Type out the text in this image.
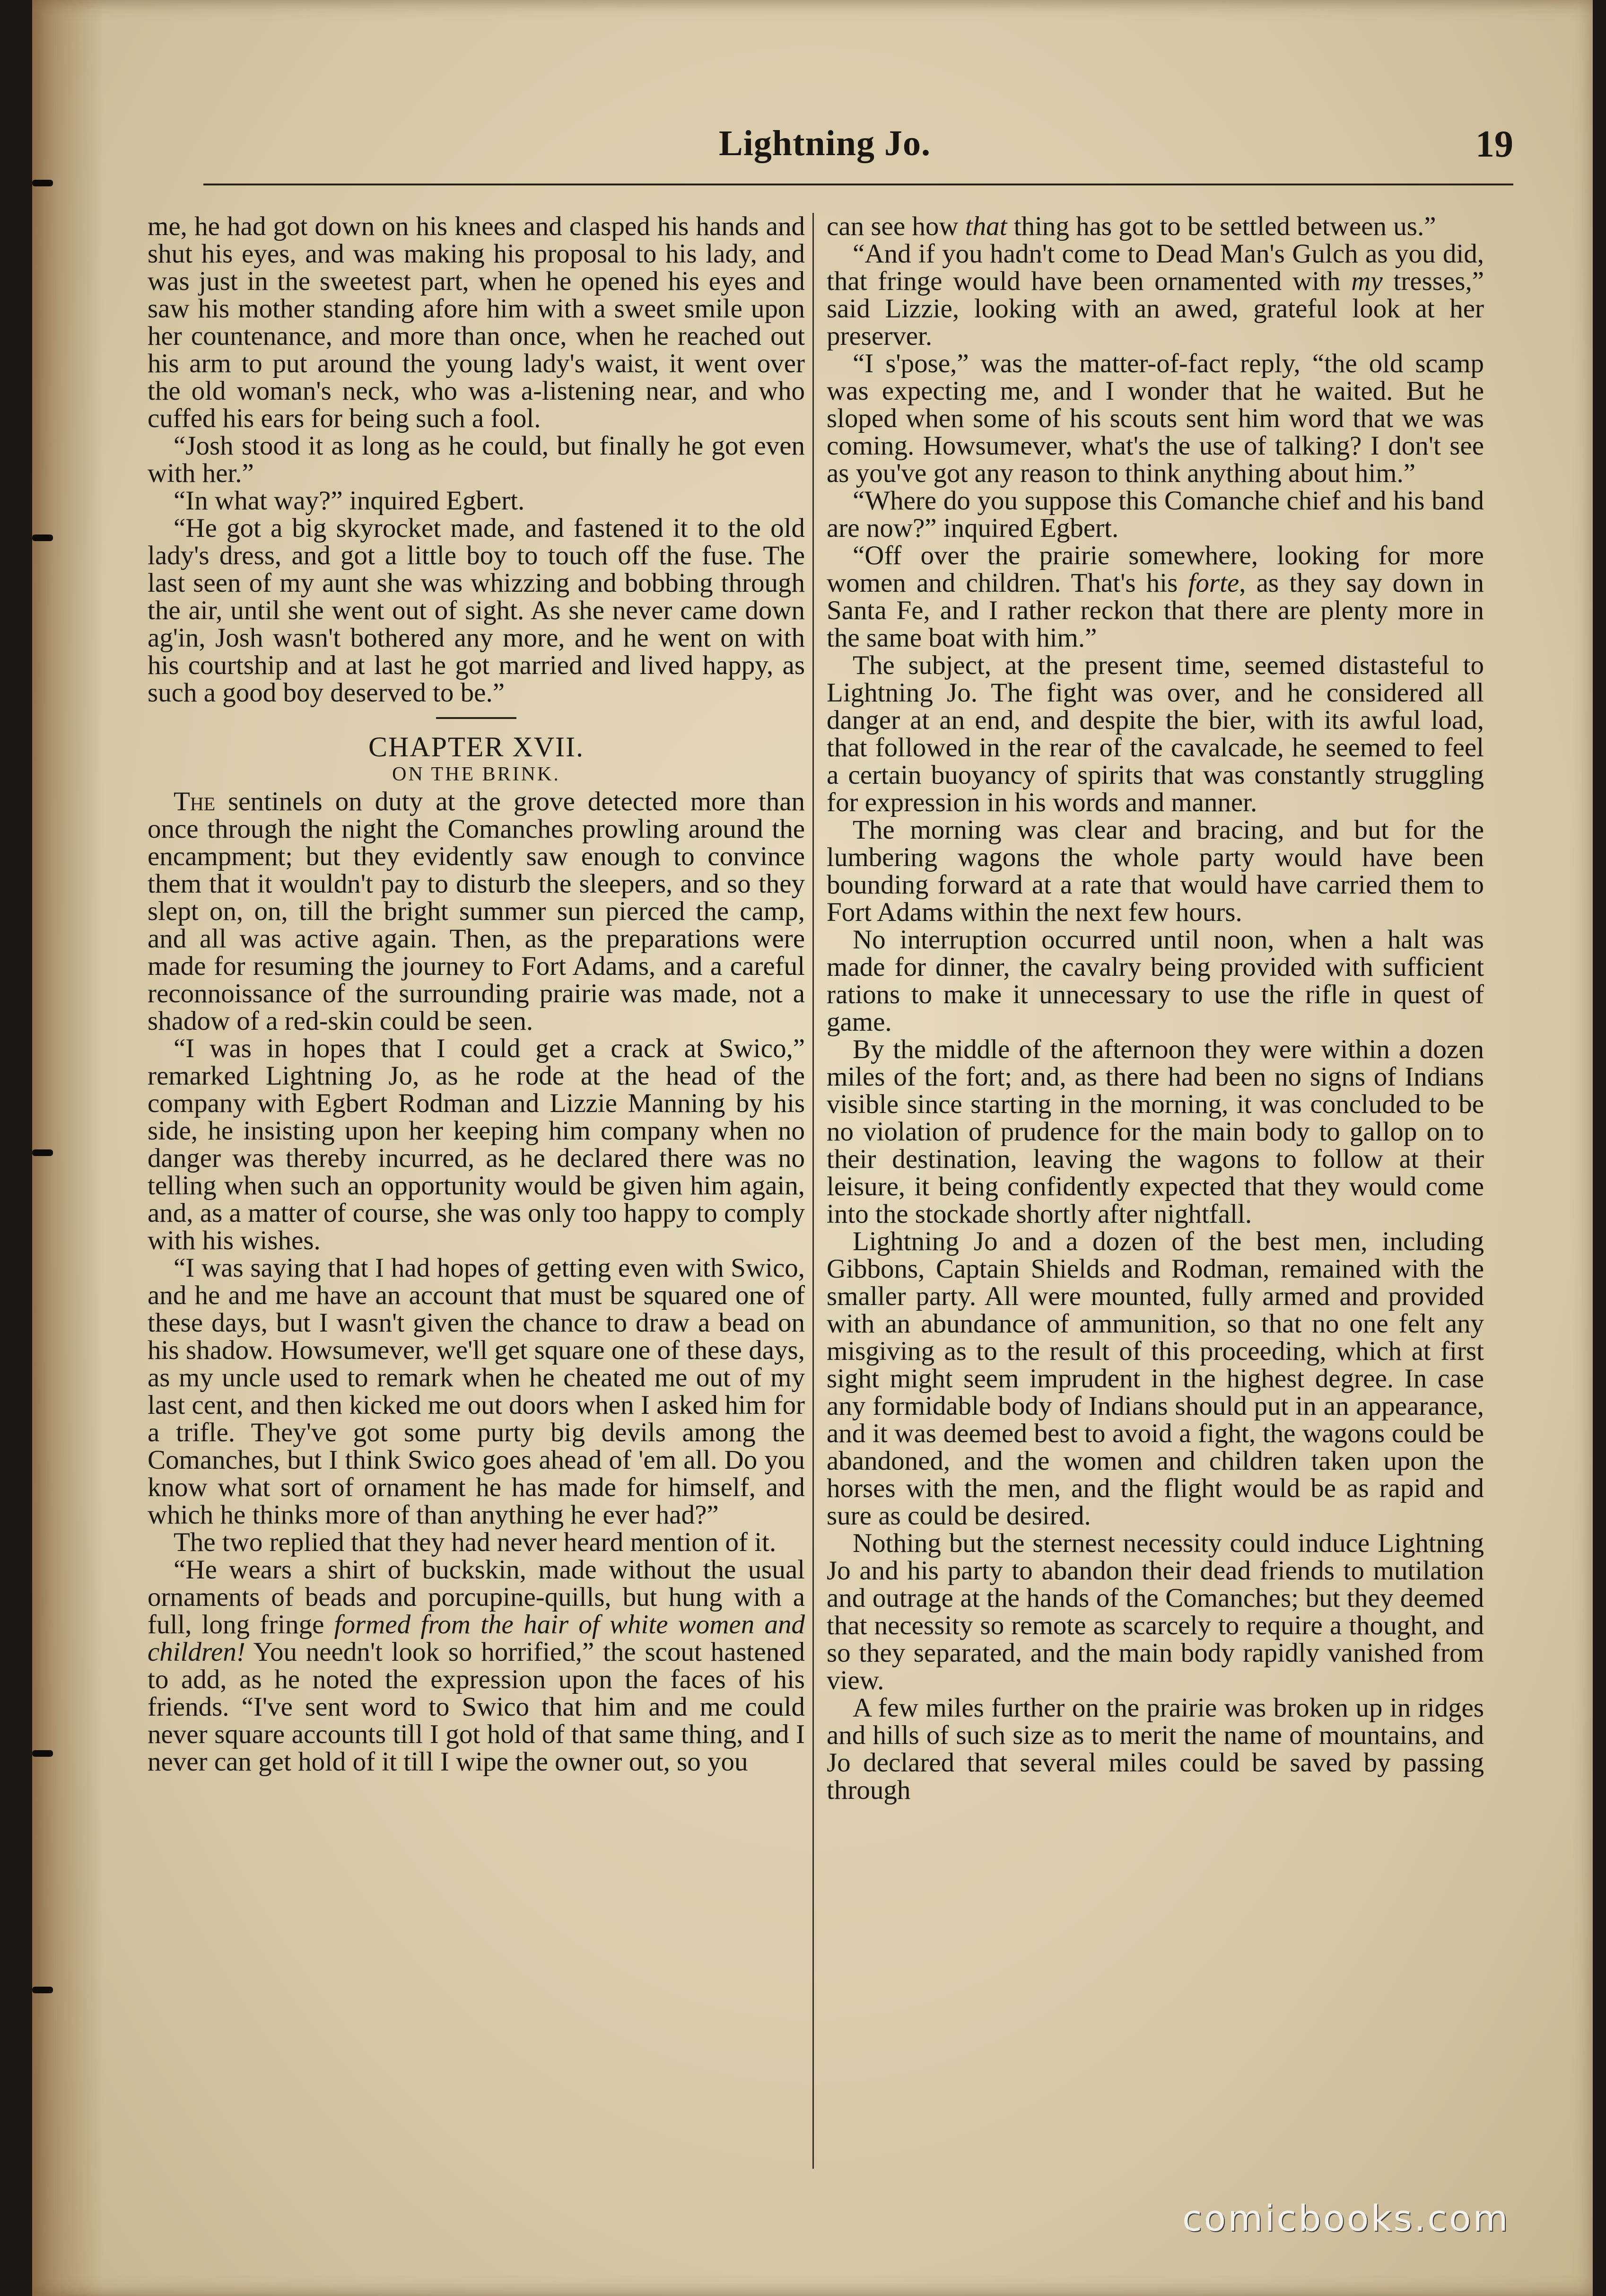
Lightning Jo.	19

me, he had got down on his knees and clasped his hands and shut his eyes, and was making his proposal to his lady, and was just in the sweetest part, when he opened his eyes and saw his mother standing afore him with a sweet smile upon her countenance, and more than once, when he reached out his arm to put around the young lady's waist, it went over the old woman's neck, who was a-listening near, and who cuffed his ears for being such a fool.

“Josh stood it as long as he could, but finally he got even with her.”

“In what way?” inquired Egbert.

“He got a big skyrocket made, and fastened it to the old lady's dress, and got a little boy to touch off the fuse. The last seen of my aunt she was whizzing and bobbing through the air, until she went out of sight. As she never came down ag'in, Josh wasn't bothered any more, and he went on with his courtship and at last he got married and lived happy, as such a good boy deserved to be.”

CHAPTER XVII.

ON THE BRINK.

The sentinels on duty at the grove detected more than once through the night the Comanches prowling around the encampment; but they evidently saw enough to convince them that it wouldn't pay to disturb the sleepers, and so they slept on, on, till the bright summer sun pierced the camp, and all was active again. Then, as the preparations were made for resuming the journey to Fort Adams, and a careful reconnoissance of the surrounding prairie was made, not a shadow of a red-skin could be seen.

“I was in hopes that I could get a crack at Swico,” remarked Lightning Jo, as he rode at the head of the company with Egbert Rodman and Lizzie Manning by his side, he insisting upon her keeping him company when no danger was thereby incurred, as he declared there was no telling when such an opportunity would be given him again, and, as a matter of course, she was only too happy to comply with his wishes.

“I was saying that I had hopes of getting even with Swico, and he and me have an account that must be squared one of these days, but I wasn't given the chance to draw a bead on his shadow. Howsumever, we'll get square one of these days, as my uncle used to remark when he cheated me out of my last cent, and then kicked me out doors when I asked him for a trifle. They've got some purty big devils among the Comanches, but I think Swico goes ahead of 'em all. Do you know what sort of ornament he has made for himself, and which he thinks more of than anything he ever had?”

The two replied that they had never heard mention of it.

“He wears a shirt of buckskin, made without the usual ornaments of beads and porcupine-quills, but hung with a full, long fringe formed from the hair of white women and children! You needn't look so horrified,” the scout hastened to add, as he noted the expression upon the faces of his friends. “I've sent word to Swico that him and me could never square accounts till I got hold of that same thing, and I never can get hold of it till I wipe the owner out, so you

can see how that thing has got to be settled between us.”

“And if you hadn't come to Dead Man's Gulch as you did, that fringe would have been ornamented with my tresses,” said Lizzie, looking with an awed, grateful look at her preserver.

“I s'pose,” was the matter-of-fact reply, “the old scamp was expecting me, and I wonder that he waited. But he sloped when some of his scouts sent him word that we was coming. Howsumever, what's the use of talking? I don't see as you've got any reason to think anything about him.”

“Where do you suppose this Comanche chief and his band are now?” inquired Egbert.

“Off over the prairie somewhere, looking for more women and children. That's his forte, as they say down in Santa Fe, and I rather reckon that there are plenty more in the same boat with him.”

The subject, at the present time, seemed distasteful to Lightning Jo. The fight was over, and he considered all danger at an end, and despite the bier, with its awful load, that followed in the rear of the cavalcade, he seemed to feel a certain buoyancy of spirits that was constantly struggling for expression in his words and manner.

The morning was clear and bracing, and but for the lumbering wagons the whole party would have been bounding forward at a rate that would have carried them to Fort Adams within the next few hours.

No interruption occurred until noon, when a halt was made for dinner, the cavalry being provided with sufficient rations to make it unnecessary to use the rifle in quest of game.

By the middle of the afternoon they were within a dozen miles of the fort; and, as there had been no signs of Indians visible since starting in the morning, it was concluded to be no violation of prudence for the main body to gallop on to their destination, leaving the wagons to follow at their leisure, it being confidently expected that they would come into the stockade shortly after nightfall.

Lightning Jo and a dozen of the best men, including Gibbons, Captain Shields and Rodman, remained with the smaller party. All were mounted, fully armed and provided with an abundance of ammunition, so that no one felt any misgiving as to the result of this proceeding, which at first sight might seem imprudent in the highest degree. In case any formidable body of Indians should put in an appearance, and it was deemed best to avoid a fight, the wagons could be abandoned, and the women and children taken upon the horses with the men, and the flight would be as rapid and sure as could be desired.

Nothing but the sternest necessity could induce Lightning Jo and his party to abandon their dead friends to mutilation and outrage at the hands of the Comanches; but they deemed that necessity so remote as scarcely to require a thought, and so they separated, and the main body rapidly vanished from view.

A few miles further on the prairie was broken up in ridges and hills of such size as to merit the name of mountains, and Jo declared that several miles could be saved by passing through

comicbooks.com
